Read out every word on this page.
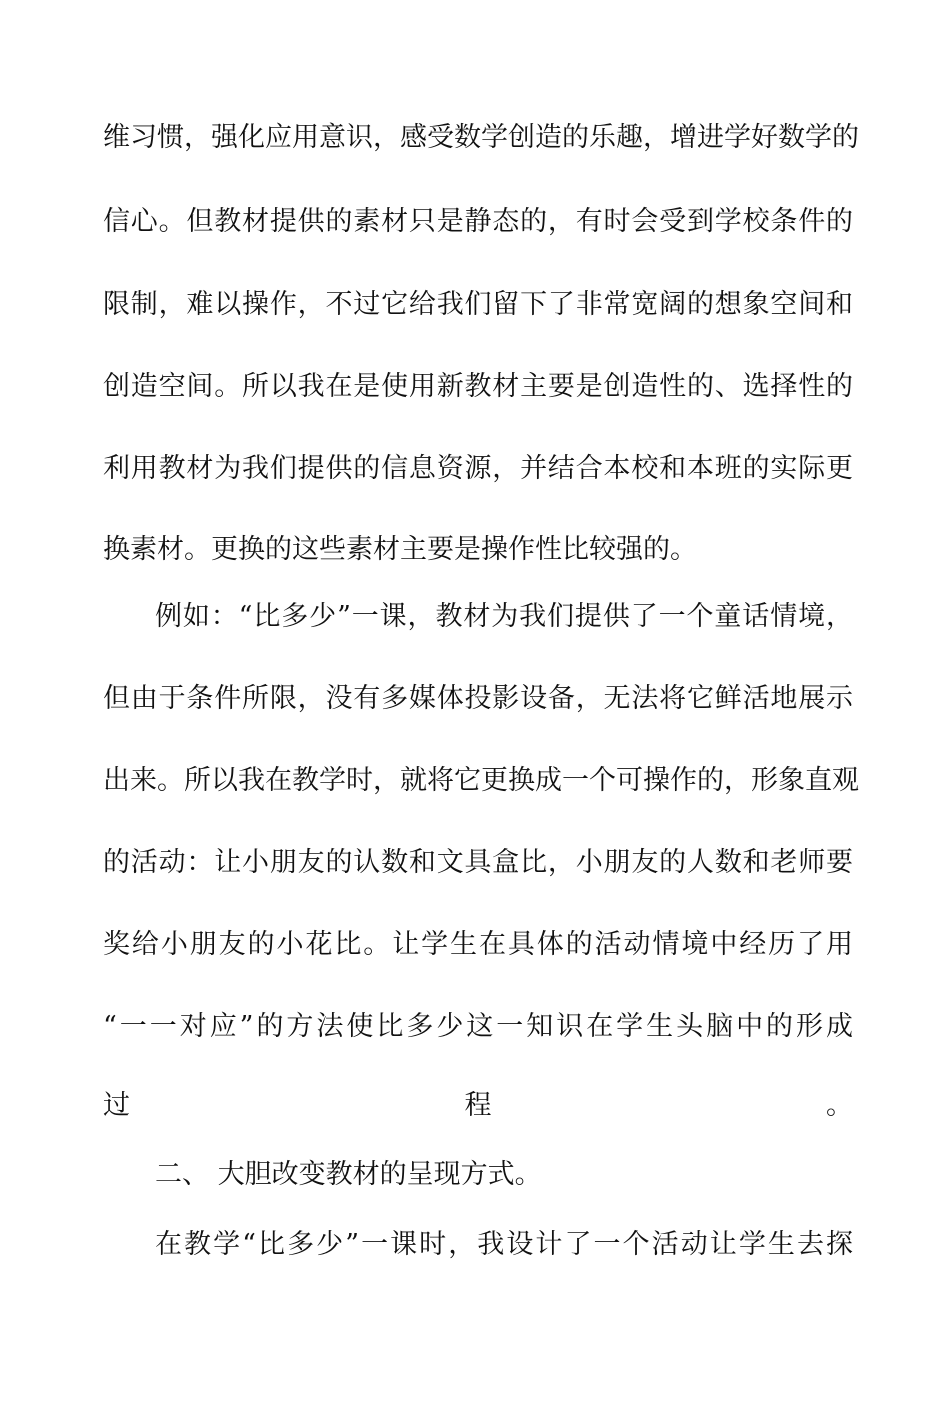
维习惯，强化应用意识，感受数学创造的乐趣，增进学好数学的
信心。但教材提供的素材只是静态的，有时会受到学校条件的
限制，难以操作，不过它给我们留下了非常宽阔的想象空间和
创造空间。所以我在是使用新教材主要是创造性的、选择性的
利用教材为我们提供的信息资源，并结合本校和本班的实际更
换素材。更换的这些素材主要是操作性比较强的。
例如：“比多少”一课，教材为我们提供了一个童话情境，
但由于条件所限，没有多媒体投影设备，无法将它鲜活地展示
出来。所以我在教学时，就将它更换成一个可操作的，形象直观
的活动：让小朋友的认数和文具盒比，小朋友的人数和老师要
奖给小朋友的小花比。让学生在具体的活动情境中经历了用
“一一对应”的方法使比多少这一知识在学生头脑中的形成
过 程 。
二、 大胆改变教材的呈现方式。
在教学“比多少”一课时，我设计了一个活动让学生去探
